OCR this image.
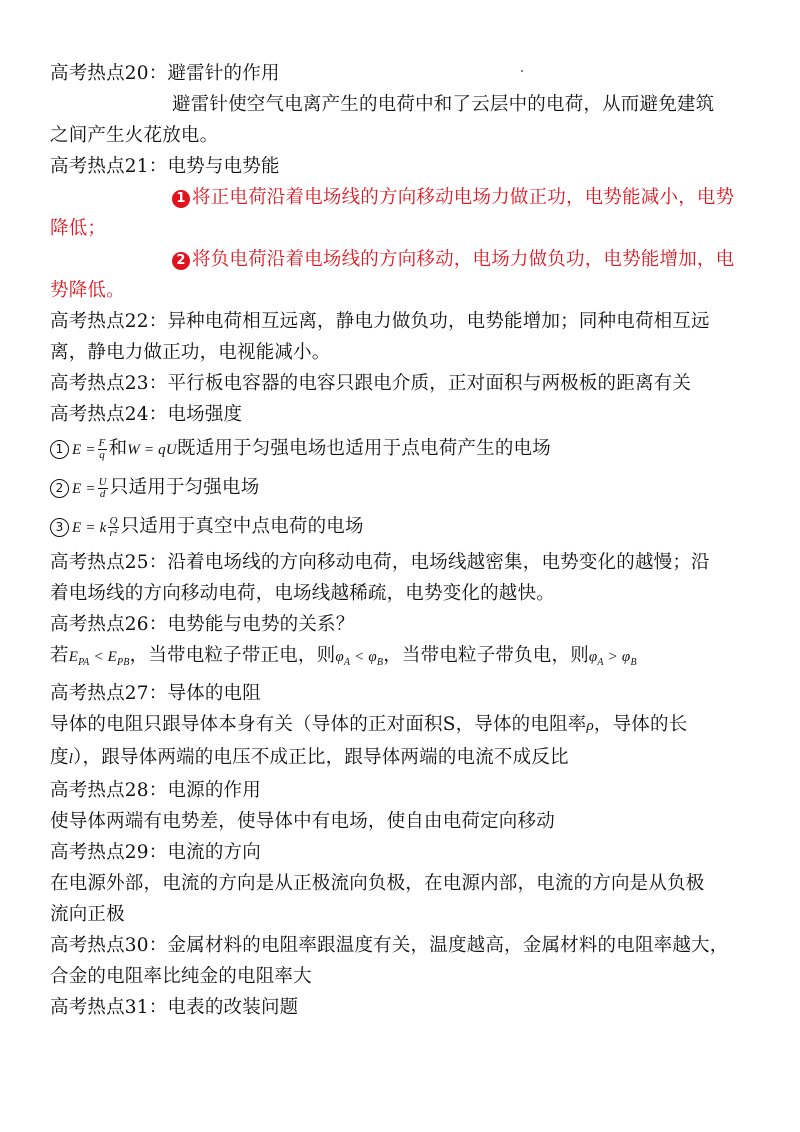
高考热点20：避雷针的作用
避雷针使空气电离产生的电荷中和了云层中的电荷，从而避免建筑
之间产生火花放电。
高考热点21：电势与电势能
1 将正电荷沿着电场线的方向移动电场力做正功，电势能减小，电势
降低；
2 将负电荷沿着电场线的方向移动，电场力做负功，电势能增加，电
势降低。
高考热点22：异种电荷相互远离，静电力做负功，电势能增加；同种电荷相互远
离，静电力做正功，电视能减小。
高考热点23：平行板电容器的电容只跟电介质，正对面积与两极板的距离有关
高考热点24：电场强度
1 $E = \frac{F}{q}$ 和W = qU既适用于匀强电场也适用于点电荷产生的电场
2 $E = \frac{U}{d}$ 只适用于匀强电场
3 E = k $\frac{Q}{\text{r²}}$ 只适用于真空中点电荷的电场
高考热点25：沿着电场线的方向移动电荷，电场线越密集，电势变化的越慢；沿
着电场线的方向移动电荷，电场线越稀疏，电势变化的越快。
高考热点26：电势能与电势的关系？
若$E_{PA} < E_{PB}$，当带电粒子带正电，则$\varphi_A < \varphi_B$，当带电粒子带负电，则$\varphi_A > \varphi_B$
高考热点27：导体的电阻
导体的电阻只跟导体本身有关（导体的正对面积S，导体的电阻率ρ，导体的长
度l），跟导体两端的电压不成正比，跟导体两端的电流不成反比
高考热点28：电源的作用
使导体两端有电势差，使导体中有电场，使自由电荷定向移动
高考热点29：电流的方向
在电源外部，电流的方向是从正极流向负极，在电源内部，电流的方向是从负极
流向正极
高考热点30：金属材料的电阻率跟温度有关，温度越高，金属材料的电阻率越大，
合金的电阻率比纯金的电阻率大
高考热点31：电表的改装问题
